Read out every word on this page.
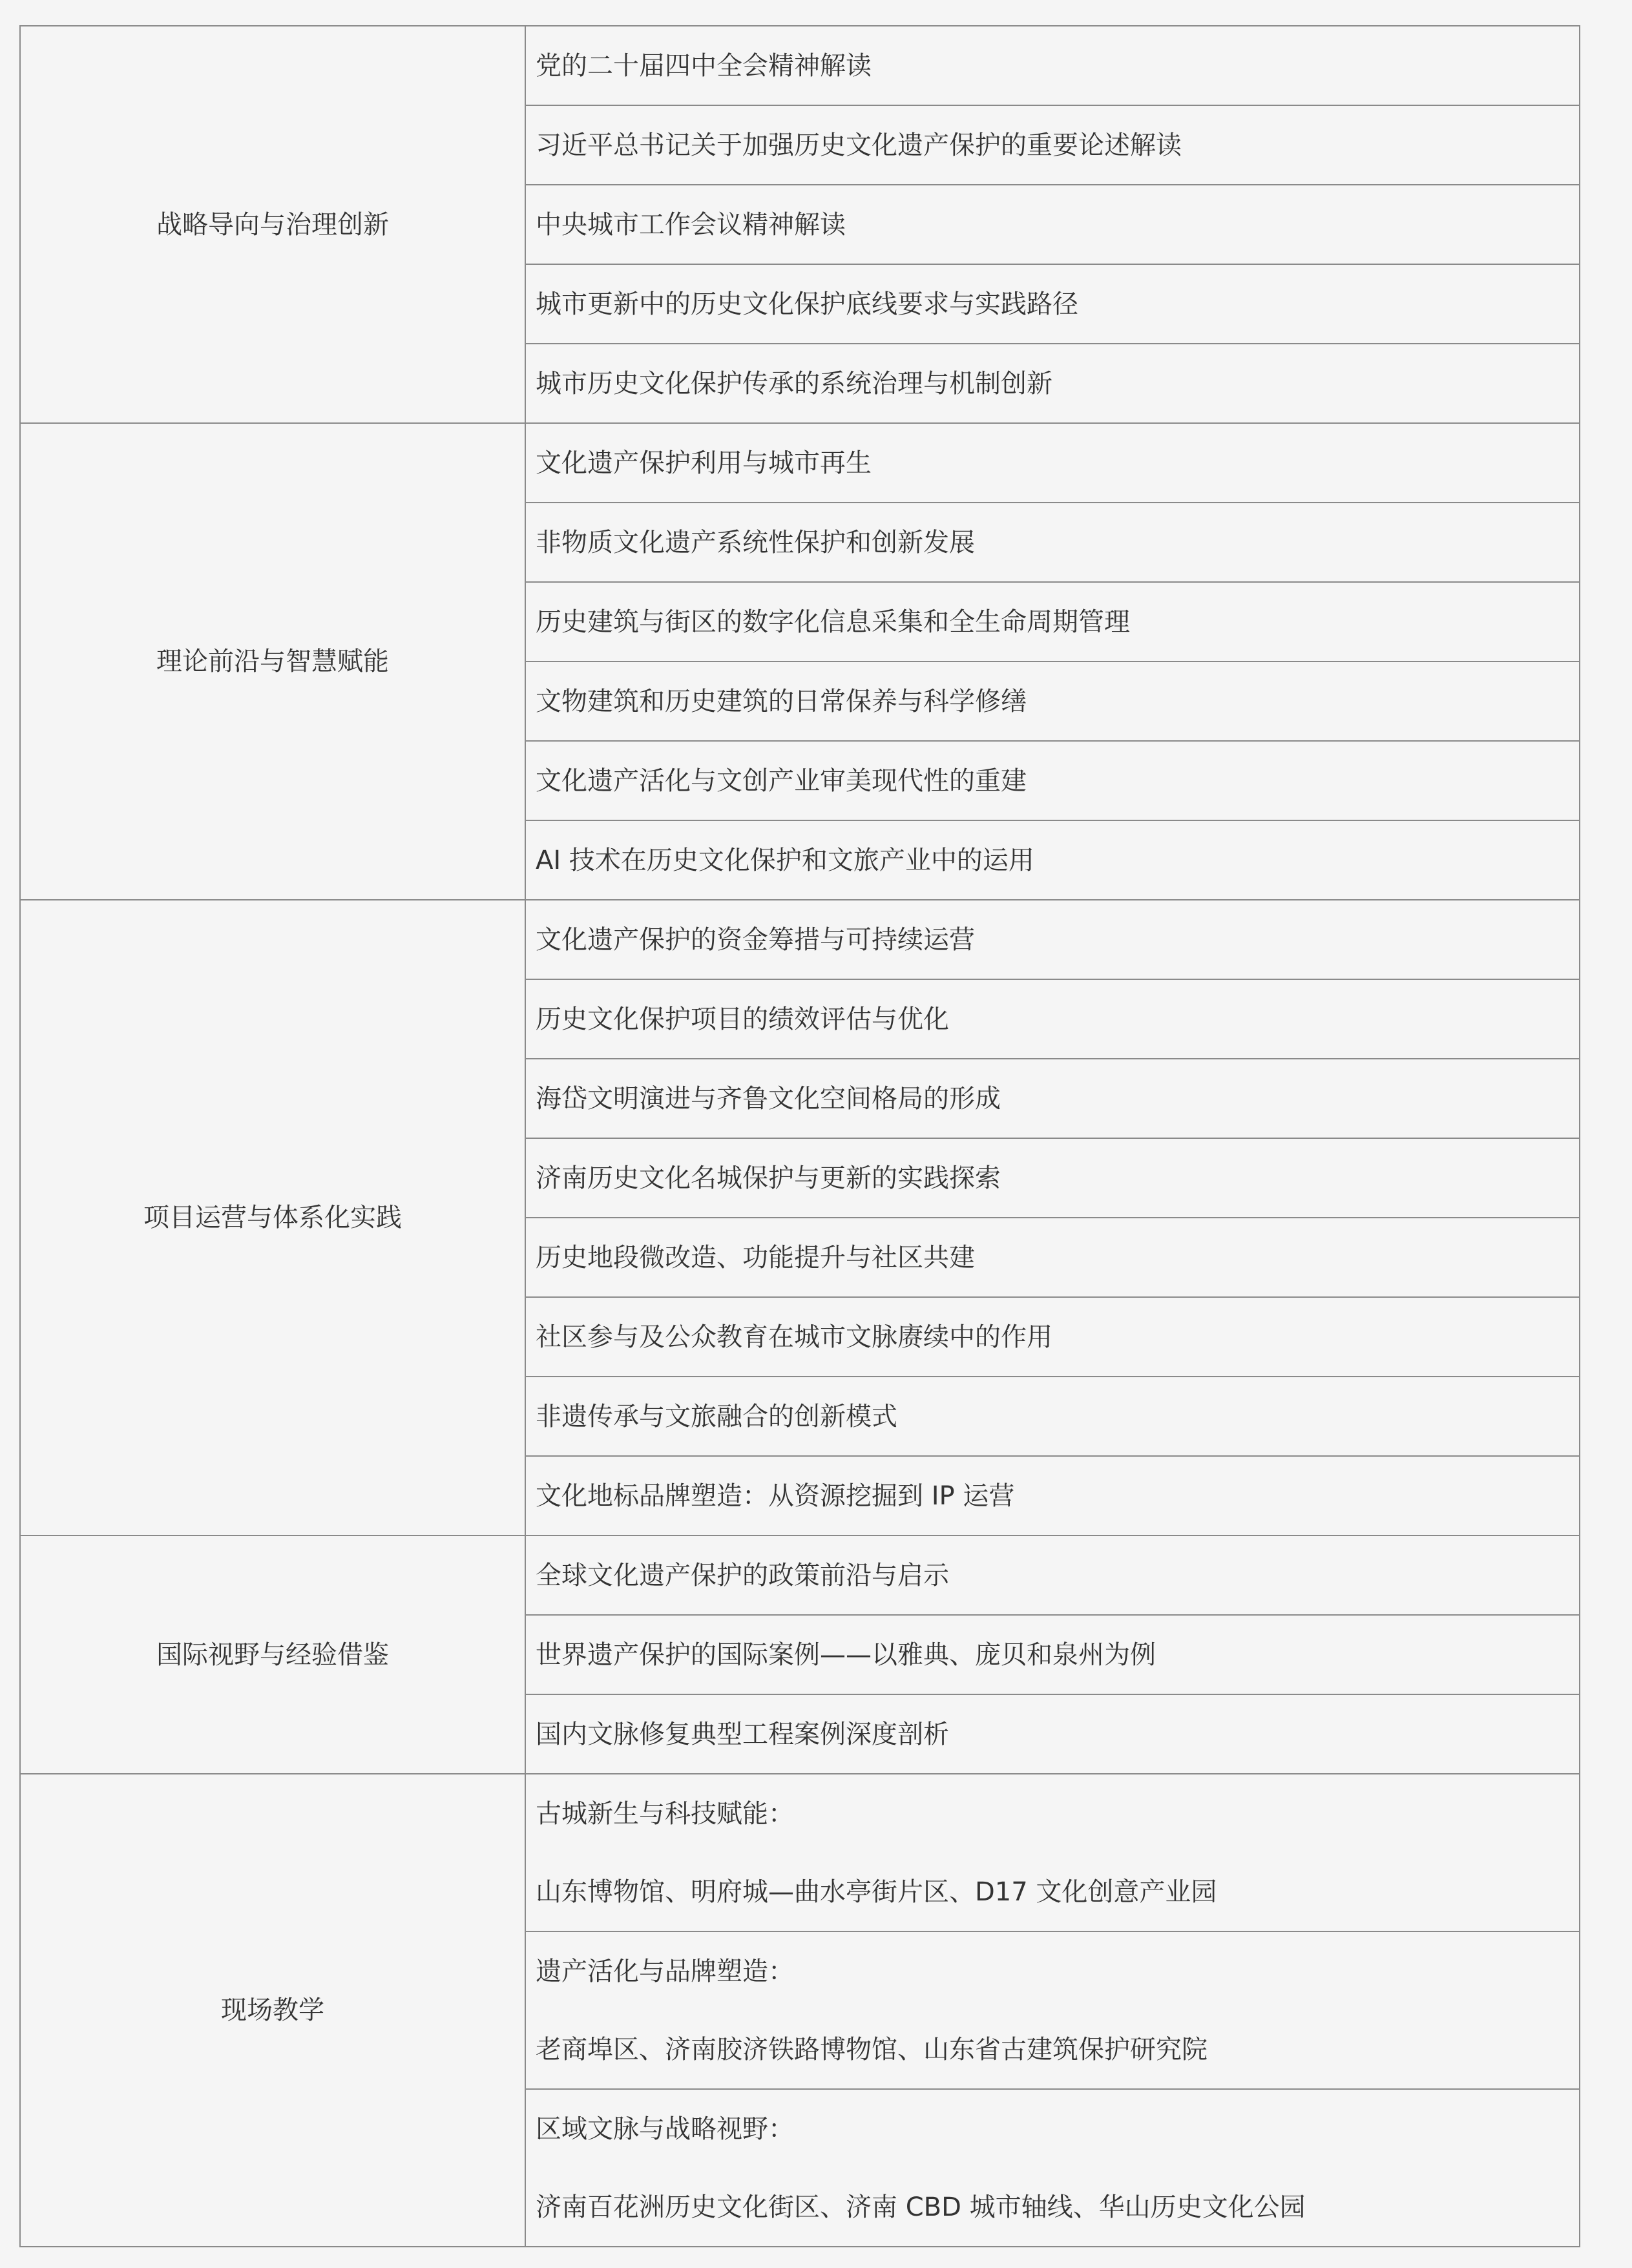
战略导向与治理创新	党的二十届四中全会精神解读

习近平总书记关于加强历史文化遗产保护的重要论述解读

中央城市工作会议精神解读

城市更新中的历史文化保护底线要求与实践路径

城市历史文化保护传承的系统治理与机制创新

理论前沿与智慧赋能	文化遗产保护利用与城市再生

非物质文化遗产系统性保护和创新发展

历史建筑与街区的数字化信息采集和全生命周期管理

文物建筑和历史建筑的日常保养与科学修缮

文化遗产活化与文创产业审美现代性的重建

AI 技术在历史文化保护和文旅产业中的运用

项目运营与体系化实践	文化遗产保护的资金筹措与可持续运营

历史文化保护项目的绩效评估与优化

海岱文明演进与齐鲁文化空间格局的形成

济南历史文化名城保护与更新的实践探索

历史地段微改造、功能提升与社区共建

社区参与及公众教育在城市文脉赓续中的作用

非遗传承与文旅融合的创新模式

文化地标品牌塑造：从资源挖掘到 IP 运营

国际视野与经验借鉴	全球文化遗产保护的政策前沿与启示

世界遗产保护的国际案例——以雅典、庞贝和泉州为例

国内文脉修复典型工程案例深度剖析

现场教学	古城新生与科技赋能：
山东博物馆、明府城—曲水亭街片区、D17 文化创意产业园

遗产活化与品牌塑造：
老商埠区、济南胶济铁路博物馆、山东省古建筑保护研究院

区域文脉与战略视野：
济南百花洲历史文化街区、济南 CBD 城市轴线、华山历史文化公园
